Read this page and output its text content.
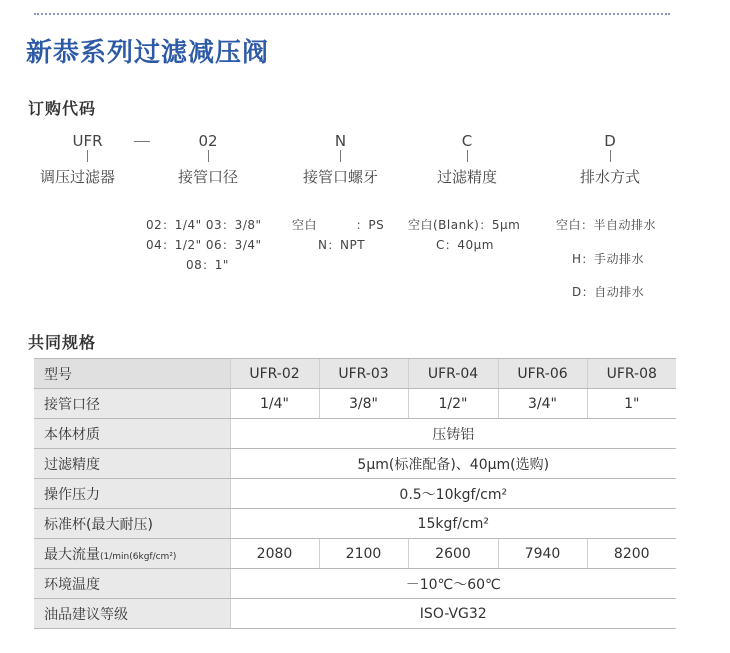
新恭系列过滤减压阀
订购代码
UFR
调压过滤器
02
接管口径
N
接管口螺牙
C
过滤精度
D
排水方式
02：1/4" 03：3/8"
04：1/2" 06：3/4"
08：1"
空白         ：PS
N：NPT
空白(Blank)：5μm
C：40μm
空白：半自动排水
H：手动排水
D：自动排水
共同规格
型号	UFR-02	UFR-03	UFR-04	UFR-06	UFR-08
接管口径	1/4"	3/8"	1/2"	3/4"	1"
本体材质	压铸铝				
过滤精度	5μm(标准配备)、40μm(选购)				
操作压力	0.5～10kgf/cm²				
标准杯(最大耐压)	15kgf/cm²				
最大流量(1/min(6kgf/cm²)	2080	2100	2600	7940	8200
环境温度	－10℃～60℃				
油品建议等级	ISO-VG32				
